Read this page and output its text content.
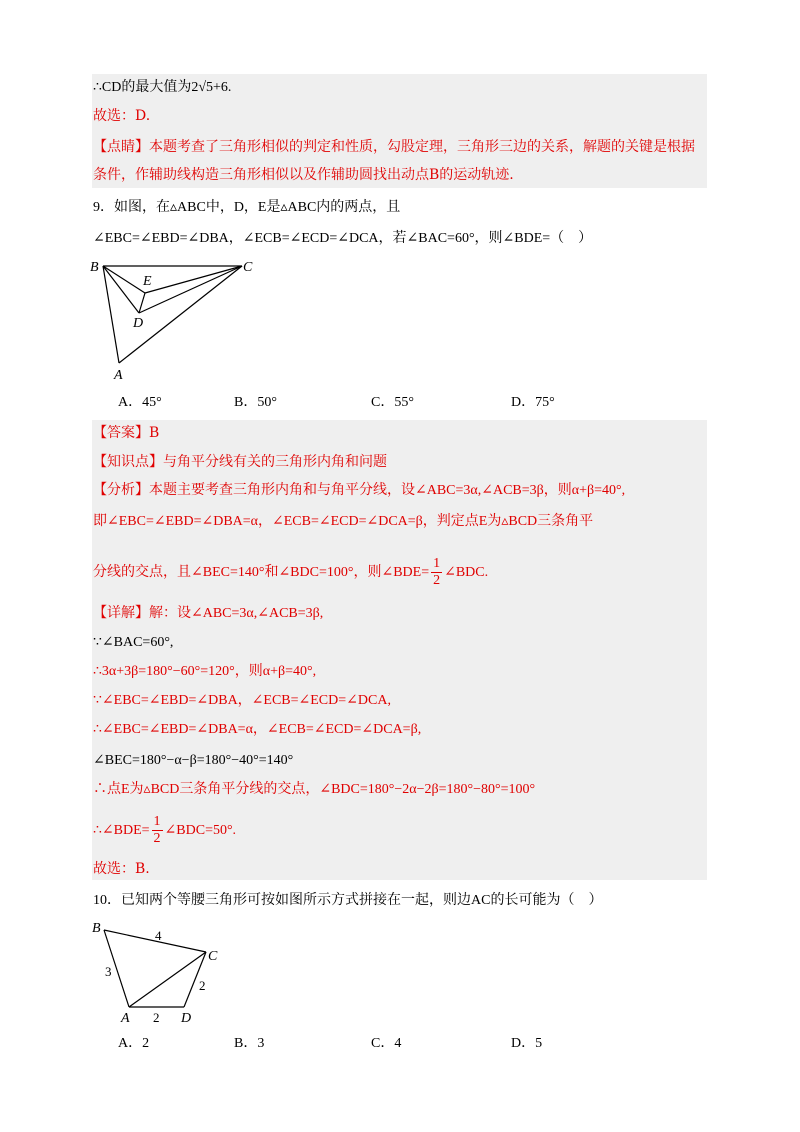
∴CD的最大值为2√5+6.
故选：D.
【点睛】本题考查了三角形相似的判定和性质，勾股定理，三角形三边的关系，解题的关键是根据
条件，作辅助线构造三角形相似以及作辅助圆找出动点B的运动轨迹.
9．如图，在▵ABC中，D，E是▵ABC内的两点，且
∠EBC=∠EBD=∠DBA，∠ECB=∠ECD=∠DCA，若∠BAC=60°，则∠BDE=（　）
B	C
E
D
A
A．45°	B．50°	C．55°	D．75°
【答案】B
【知识点】与角平分线有关的三角形内角和问题
【分析】本题主要考查三角形内角和与角平分线，设∠ABC=3α,∠ACB=3β，则α+β=40°,
即∠EBC=∠EBD=∠DBA=α，∠ECB=∠ECD=∠DCA=β，判定点E为▵BCD三条角平
分线的交点，且∠BEC=140°和∠BDC=100°，则∠BDE= $\frac{1}{2}$ ∠BDC.
【详解】解：设∠ABC=3α,∠ACB=3β,
∵∠BAC=60°,
∴3α+3β=180°−60°=120°，则α+β=40°,
∵∠EBC=∠EBD=∠DBA，∠ECB=∠ECD=∠DCA,
∴∠EBC=∠EBD=∠DBA=α，∠ECB=∠ECD=∠DCA=β,
∠BEC=180°−α−β=180°−40°=140°
∴点E为▵BCD三条角平分线的交点，∠BDC=180°−2α−2β=180°−80°=100°
∴∠BDE= $\frac{1}{2}$ ∠BDC=50°.
故选：B.
10．已知两个等腰三角形可按如图所示方式拼接在一起，则边AC的长可能为（　）
B
C
A	D
4
3
2
2
A．2	B．3	C．4	D．5
